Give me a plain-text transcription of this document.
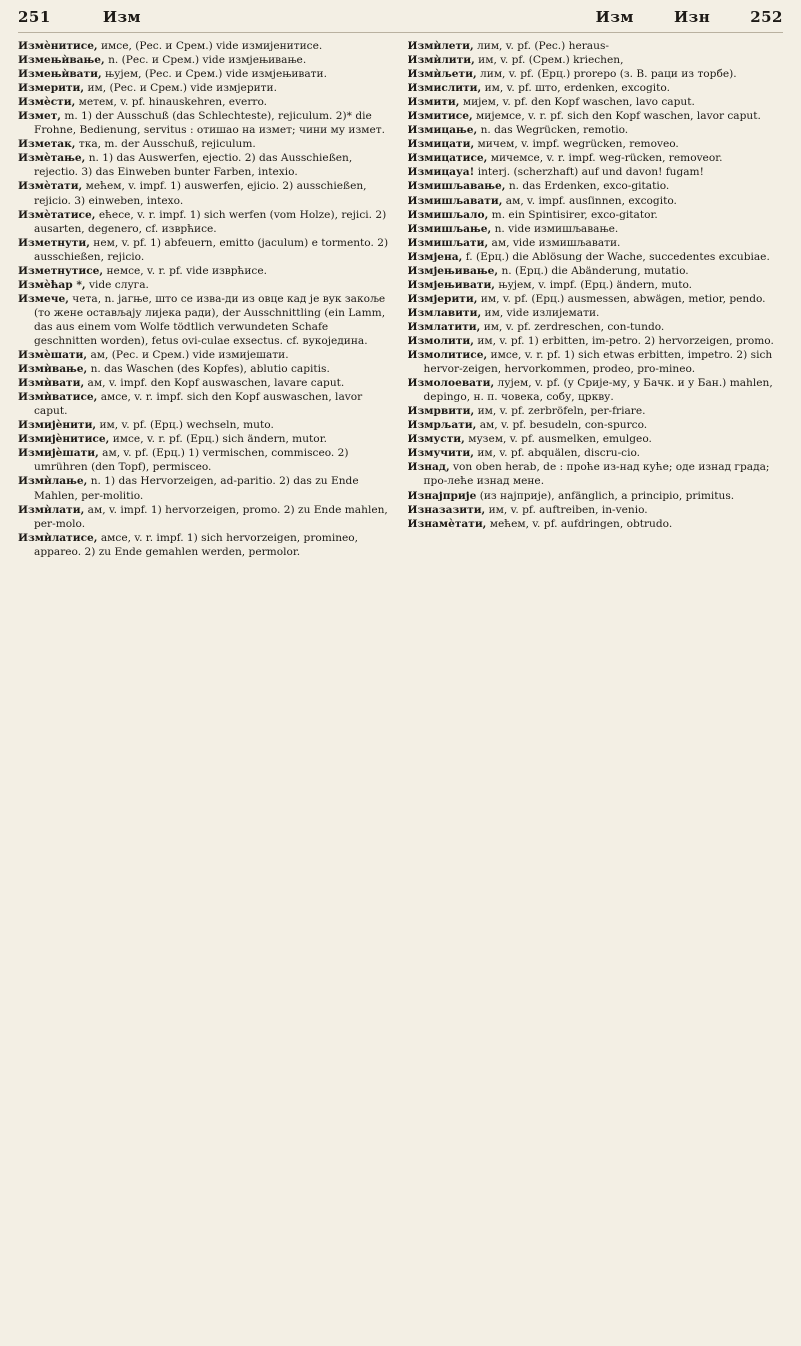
251	Изм	Изм	Изн	252

Измѐнитисе, имсе, (Рес. и Срем.) vide измијенитисе.

Измењѝвање, n. (Рес. и Срем.) vide измјењивање.

Измењѝвати, њујем, (Рес. и Срем.) vide измјењивати.

Измерити, им, (Рес. и Срем.) vide измјерити.

Измѐсти, метем, v. pf. hinauskehren, everro.

Измет, m. 1) der Ausschuß (das Schlechteste), rejiculum. 2)* die Frohne, Bedienung, servitus : отишао на измет; чини му измет.

Изметак, тка, m. der Ausschuß, rejiculum.

Измѐтање, n. 1) das Auswerfen, ejectio. 2) das Ausschießen, rejectio. 3) das Einweben bunter Farben, intexio.

Измѐтати, мећем, v. impf. 1) auswerfen, ejicio. 2) ausschießen, rejicio. 3) einweben, intexo.

Измѐтатисе, ећесе, v. r. impf. 1) sich werfen (vom Holze), rejici. 2) ausarten, degenero, cf. изврћисе.

Изметнути, нем, v. pf. 1) abfeuern, emitto (jaculum) e tormento. 2) ausschießen, rejicio.

Изметнутисе, немсе, v. r. pf. vide изврћисе.

Измѐћар *, vide слуга.

Измече, чета, n. јагње, што се изва-ди из овце кад је вук закоље (то жене остављају лијека ради), der Ausschnittling (ein Lamm, das aus einem vom Wolfe tödtlich verwundeten Schafe geschnitten worden), fetus ovi-culae exsectus. cf. вукоједина.

Измѐшати, ам, (Рес. и Срем.) vide измијешати.

Измѝвање, n. das Waschen (des Kopfes), ablutio capitis.

Измѝвати, ам, v. impf. den Kopf auswaschen, lavare caput.

Измѝватисе, амсе, v. r. impf. sich den Kopf auswaschen, lavor caput.

Измијѐнити, им, v. pf. (Ерц.) wechseln, muto.

Измијѐнитисе, имсе, v. r. pf. (Ерц.) sich ändern, mutor.

Измијѐшати, ам, v. pf. (Ерц.) 1) vermischen, commisceo. 2) umrühren (den Topf), permisceo.

Измѝлање, n. 1) das Hervorzeigen, ad-paritio. 2) das zu Ende Mahlen, per-molitio.

Измѝлати, ам, v. impf. 1) hervorzeigen, promo. 2) zu Ende mahlen, per-molo.

Измѝлатисе, амсе, v. r. impf. 1) sich hervorzeigen, promineo, appareo. 2) zu Ende gemahlen werden, permolor.

Измѝлети, лим, v. pf. (Рес.) heraus-

Измѝлити, им, v. pf. (Срем.) kriechen,

Измѝљети, лим, v. pf. (Ерц.) prorepo (з. В. раци из торбе).

Измислити, им, v. pf. што, erdenken, excogito.

Измити, мијем, v. pf. den Kopf waschen, lavo caput.

Измитисе, мијемсе, v. r. pf. sich den Kopf waschen, lavor caput.

Измицање, n. das Wegrücken, remotio.

Измицати, мичем, v. impf. wegrücken, removeo.

Измицатисе, мичемсе, v. r. impf. weg-rücken, removeor.

Измицауа! interj. (scherzhaft) auf und davon! fugam!

Измишљавање, n. das Erdenken, exco-gitatio.

Измишљавати, ам, v. impf. ausſinnen, excogito.

Измишљало, m. ein Spintisirer, exco-gitator.

Измишљање, n. vide измишљавање.

Измишљати, ам, vide измишљавати.

Измјена, f. (Ерц.) die Ablösung der Wache, succedentes excubiae.

Измјењивање, n. (Ерц.) die Abänderung, mutatio.

Измјењивати, њујем, v. impf. (Ерц.) ändern, muto.

Измјерити, им, v. pf. (Ерц.) ausmessen, abwägen, metior, pendo.

Измлавити, им, vide излијемати.

Измлатити, им, v. pf. zerdreschen, con-tundo.

Измолити, им, v. pf. 1) erbitten, im-petro. 2) hervorzeigen, promo.

Измолитисе, имсе, v. r. pf. 1) sich etwas erbitten, impetro. 2) sich hervor-zeigen, hervorkommen, prodeo, pro-mineo.

Измолоевати, лујем, v. pf. (у Срије-му, у Бачк. и у Бан.) mahlen, depingo, н. п. човека, собу, цркву.

Измрвити, им, v. pf. zerbröfeln, per-friare.

Измрљати, ам, v. pf. besudeln, con-spurco.

Измусти, музем, v. pf. ausmelken, emulgeo.

Измучити, им, v. pf. abquälen, discru-cio.

Изнад, von oben herab, de : проће из-над куће; оде изнад града; про-леће изнад мене.

Изнајприје (из најприје), anfänglich, a principio, primitus.

Изназазити, им, v. pf. auftreiben, in-venio.

Изнамѐтати, мећем, v. pf. aufdringen, obtrudo.
